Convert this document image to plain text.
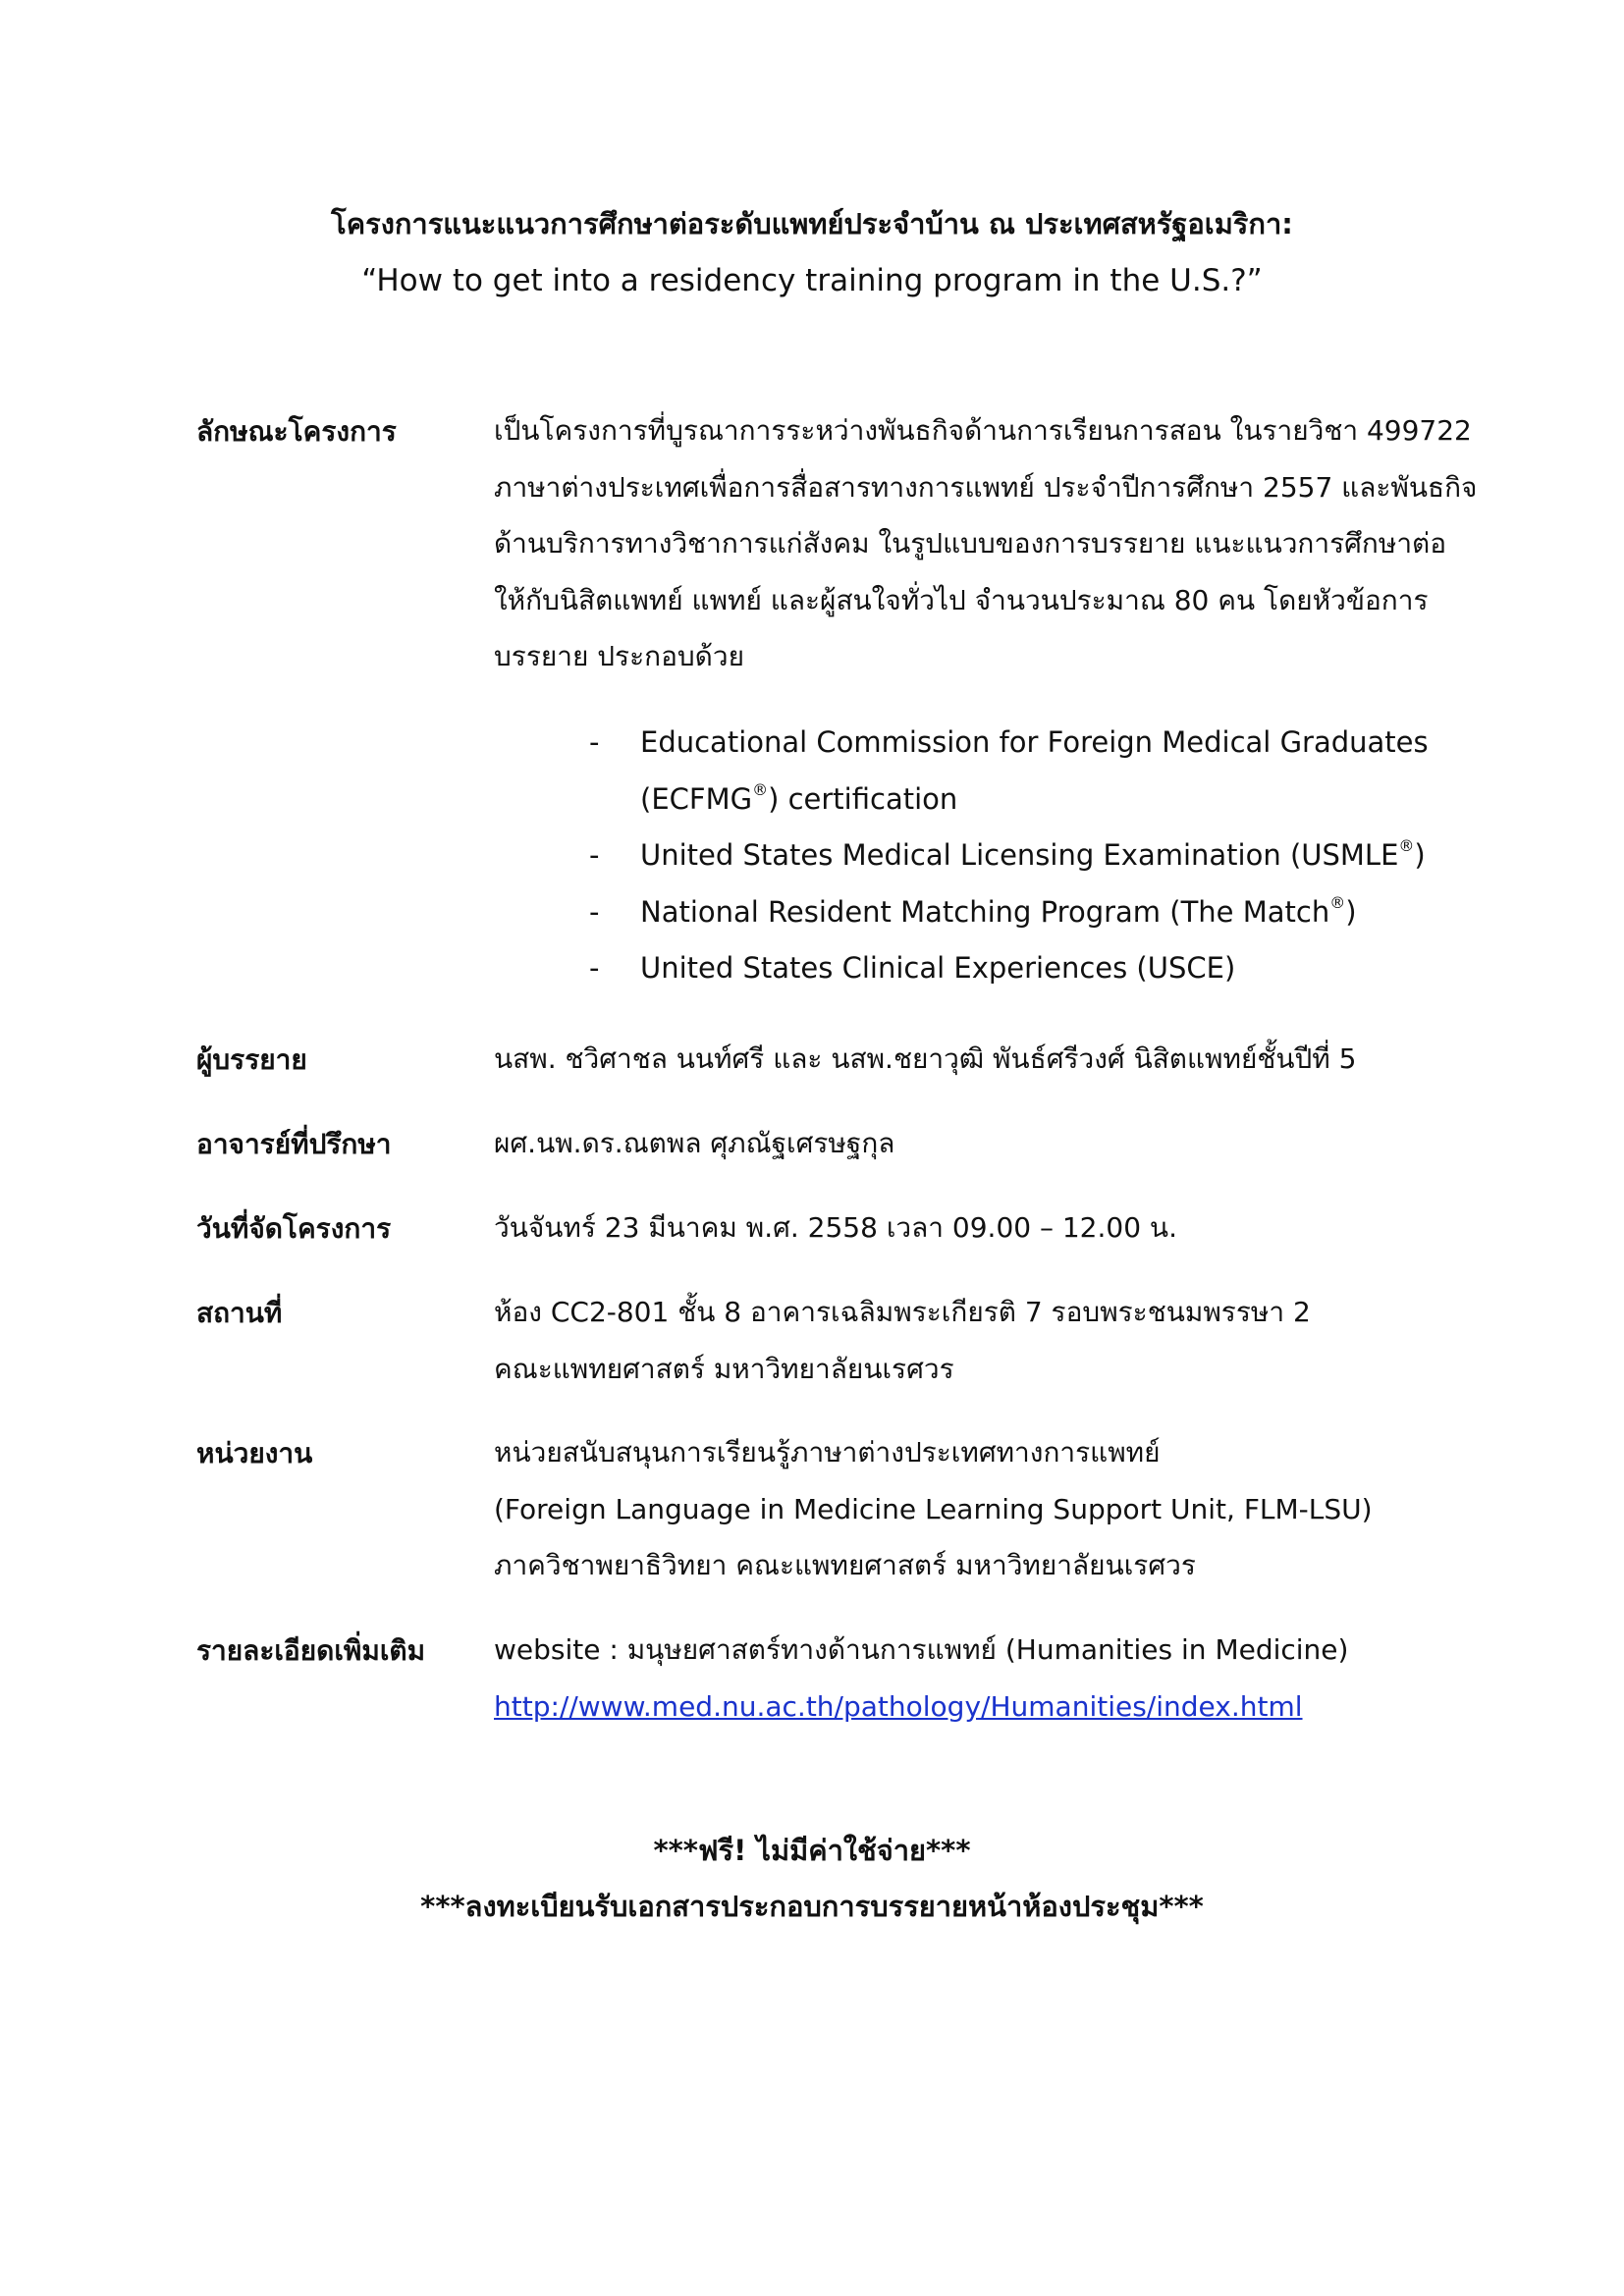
โครงการแนะแนวการศึกษาต่อระดับแพทย์ประจำบ้าน ณ ประเทศสหรัฐอเมริกา:
“How to get into a residency training program in the U.S.?”
ลักษณะโครงการ	เป็นโครงการที่บูรณาการระหว่างพันธกิจด้านการเรียนการสอน ในรายวิชา 499722
ภาษาต่างประเทศเพื่อการสื่อสารทางการแพทย์ ประจำปีการศึกษา 2557 และพันธกิจ
ด้านบริการทางวิชาการแก่สังคม ในรูปแบบของการบรรยาย แนะแนวการศึกษาต่อ
ให้กับนิสิตแพทย์ แพทย์ และผู้สนใจทั่วไป จำนวนประมาณ 80 คน โดยหัวข้อการ
บรรยาย ประกอบด้วย
- Educational Commission for Foreign Medical Graduates
(ECFMG®) certification
- United States Medical Licensing Examination (USMLE®)
- National Resident Matching Program (The Match®)
- United States Clinical Experiences (USCE)
ผู้บรรยาย	นสพ. ชวิศาชล นนท์ศรี และ นสพ.ชยาวุฒิ พันธ์ศรีวงศ์ นิสิตแพทย์ชั้นปีที่ 5
อาจารย์ที่ปรึกษา	ผศ.นพ.ดร.ณตพล ศุภณัฐเศรษฐกุล
วันที่จัดโครงการ	วันจันทร์ 23 มีนาคม พ.ศ. 2558 เวลา 09.00 – 12.00 น.
สถานที่	ห้อง CC2-801 ชั้น 8 อาคารเฉลิมพระเกียรติ 7 รอบพระชนมพรรษา 2
คณะแพทยศาสตร์ มหาวิทยาลัยนเรศวร
หน่วยงาน	หน่วยสนับสนุนการเรียนรู้ภาษาต่างประเทศทางการแพทย์
(Foreign Language in Medicine Learning Support Unit, FLM-LSU)
ภาควิชาพยาธิวิทยา คณะแพทยศาสตร์ มหาวิทยาลัยนเรศวร
รายละเอียดเพิ่มเติม website : มนุษยศาสตร์ทางด้านการแพทย์ (Humanities in Medicine)
http://www.med.nu.ac.th/pathology/Humanities/index.html
***ฟรี! ไม่มีค่าใช้จ่าย***
***ลงทะเบียนรับเอกสารประกอบการบรรยายหน้าห้องประชุม***
